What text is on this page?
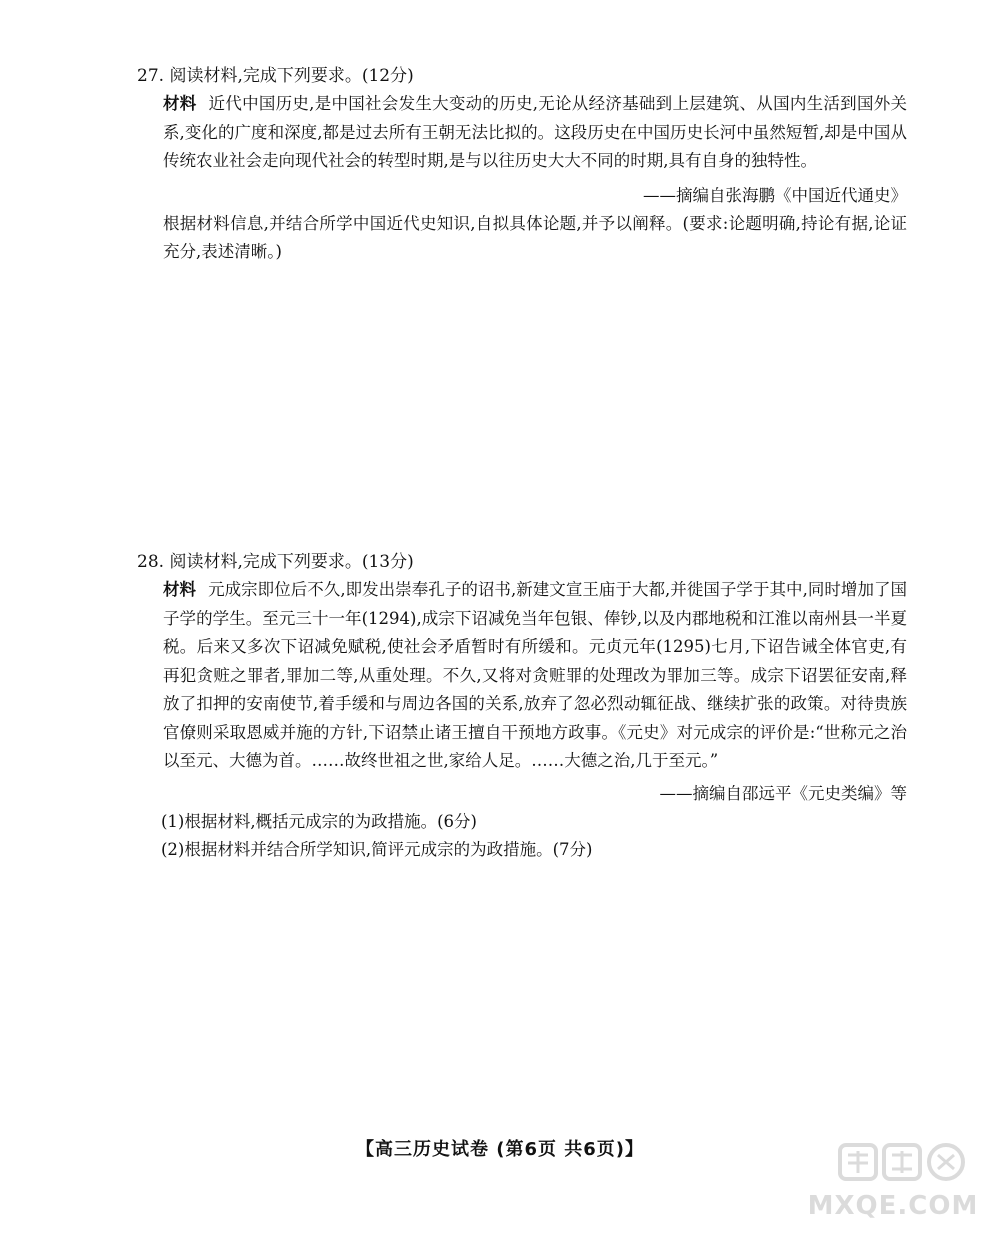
27. 阅读材料,完成下列要求。(12分)

材料 近代中国历史,是中国社会发生大变动的历史,无论从经济基础到上层建筑、从国内生活到国外关系,变化的广度和深度,都是过去所有王朝无法比拟的。这段历史在中国历史长河中虽然短暂,却是中国从传统农业社会走向现代社会的转型时期,是与以往历史大大不同的时期,具有自身的独特性。

——摘编自张海鹏《中国近代通史》

根据材料信息,并结合所学中国近代史知识,自拟具体论题,并予以阐释。(要求:论题明确,持论有据,论证充分,表述清晰。)

28. 阅读材料,完成下列要求。(13分)

材料 元成宗即位后不久,即发出崇奉孔子的诏书,新建文宣王庙于大都,并徙国子学于其中,同时增加了国子学的学生。至元三十一年(1294),成宗下诏减免当年包银、俸钞,以及内郡地税和江淮以南州县一半夏税。后来又多次下诏减免赋税,使社会矛盾暂时有所缓和。元贞元年(1295)七月,下诏告诫全体官吏,有再犯贪赃之罪者,罪加二等,从重处理。不久,又将对贪赃罪的处理改为罪加三等。成宗下诏罢征安南,释放了扣押的安南使节,着手缓和与周边各国的关系,放弃了忽必烈动辄征战、继续扩张的政策。对待贵族官僚则采取恩威并施的方针,下诏禁止诸王擅自干预地方政事。《元史》对元成宗的评价是:“世称元之治以至元、大德为首。……故终世祖之世,家给人足。……大德之治,几于至元。”

——摘编自邵远平《元史类编》等

(1)根据材料,概括元成宗的为政措施。(6分)

(2)根据材料并结合所学知识,简评元成宗的为政措施。(7分)

【高三历史试卷 (第6页 共6页)】
MXQE.COM
